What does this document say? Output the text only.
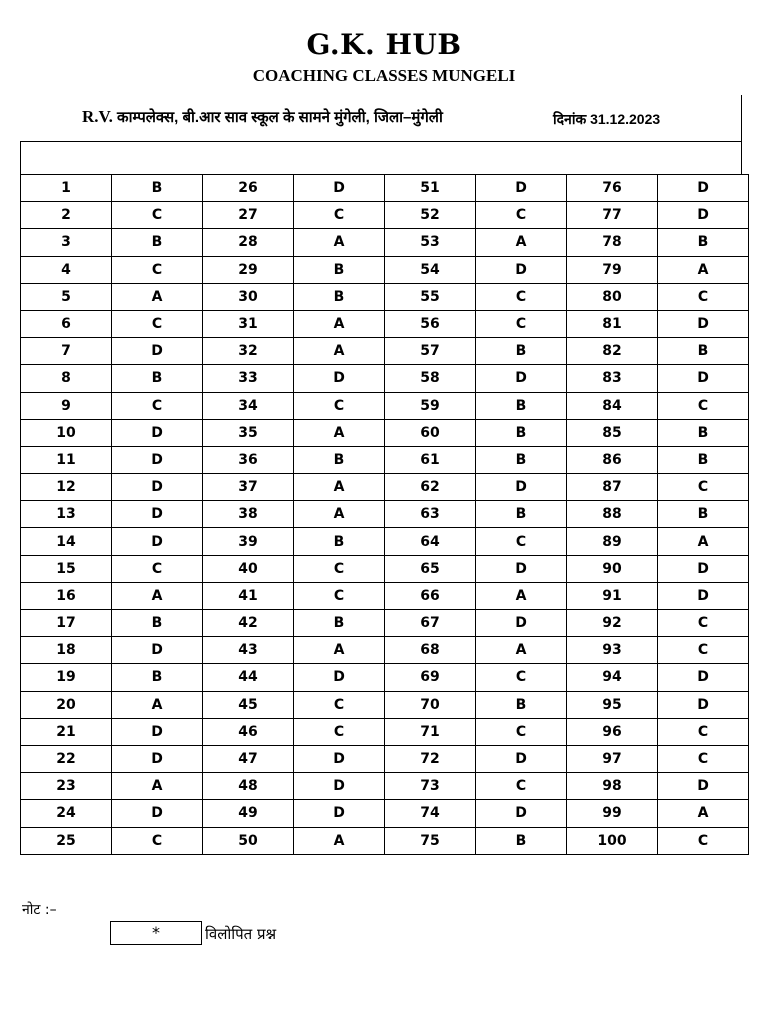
G.K. HUB
COACHING CLASSES MUNGELI
R.V. काम्पलेक्स, बी.आर साव स्कूल के सामने मुंगेली, जिला–मुंगेली	दिनांक 31.12.2023
1	B	26	D	51	D	76	D
2	C	27	C	52	C	77	D
3	B	28	A	53	A	78	B
4	C	29	B	54	D	79	A
5	A	30	B	55	C	80	C
6	C	31	A	56	C	81	D
7	D	32	A	57	B	82	B
8	B	33	D	58	D	83	D
9	C	34	C	59	B	84	C
10	D	35	A	60	B	85	B
11	D	36	B	61	B	86	B
12	D	37	A	62	D	87	C
13	D	38	A	63	B	88	B
14	D	39	B	64	C	89	A
15	C	40	C	65	D	90	D
16	A	41	C	66	A	91	D
17	B	42	B	67	D	92	C
18	D	43	A	68	A	93	C
19	B	44	D	69	C	94	D
20	A	45	C	70	B	95	D
21	D	46	C	71	C	96	C
22	D	47	D	72	D	97	C
23	A	48	D	73	C	98	D
24	D	49	D	74	D	99	A
25	C	50	A	75	B	100	C
नोट :–
*	विलोपित प्रश्न
